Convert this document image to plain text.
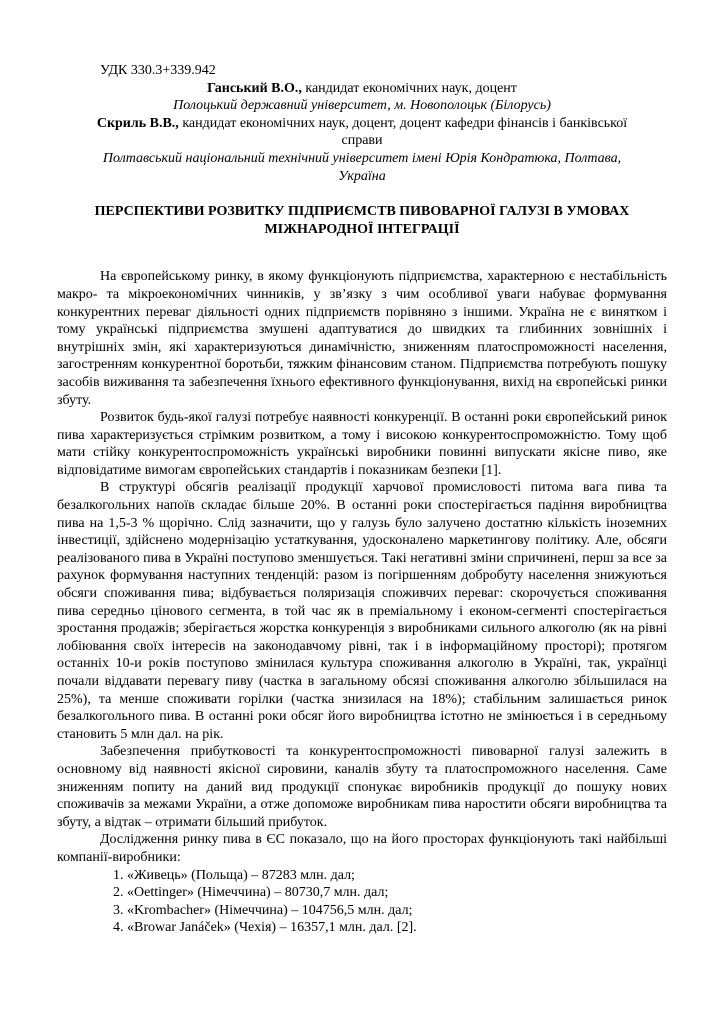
УДК 330.3+339.942

Ганський В.О., кандидат економічних наук, доцент

Полоцький державний університет, м. Новополоцьк (Білорусь)

Скриль В.В., кандидат економічних наук, доцент, доцент кафедри фінансів і банківської справи

Полтавський національний технічний університет імені Юрія Кондратюка, Полтава, Україна

ПЕРСПЕКТИВИ РОЗВИТКУ ПІДПРИЄМСТВ ПИВОВАРНОЇ ГАЛУЗІ В УМОВАХ МІЖНАРОДНОЇ ІНТЕГРАЦІЇ

На європейському ринку, в якому функціонують підприємства, характерною є нестабільність макро- та мікроекономічних чинників, у зв’язку з чим особливої уваги набуває формування конкурентних переваг діяльності одних підприємств порівняно з іншими. Україна не є винятком і тому українські підприємства змушені адаптуватися до швидких та глибинних зовнішніх і внутрішніх змін, які характеризуються динамічністю, зниженням платоспроможності населення, загостренням конкурентної боротьби, тяжким фінансовим станом. Підприємства потребують пошуку засобів виживання та забезпечення їхнього ефективного функціонування, вихід на європейські ринки збуту.

Розвиток будь-якої галузі потребує наявності конкуренції. В останні роки європейський ринок пива характеризується стрімким розвитком, а тому і високою конкурентоспроможністю. Тому щоб мати стійку конкурентоспроможність українські виробники повинні випускати якісне пиво, яке відповідатиме вимогам європейських стандартів і показникам безпеки [1].

В структурі обсягів реалізації продукції харчової промисловості питома вага пива та безалкогольних напоїв складає більше 20%. В останні роки спостерігається падіння виробництва пива на 1,5-3 % щорічно. Слід зазначити, що у галузь було залучено достатню кількість іноземних інвестиції, здійснено модернізацію устаткування, удосконалено маркетингову політику. Але, обсяги реалізованого пива в Україні поступово зменшується. Такі негативні зміни спричинені, перш за все за рахунок формування наступних тенденцій: разом із погіршенням добробуту населення знижуються обсяги споживання пива; відбувається поляризація споживчих переваг: скорочується споживання пива середньо цінового сегмента, в той час як в преміальному і економ-сегменті спостерігається зростання продажів; зберігається жорстка конкуренція з виробниками сильного алкоголю (як на рівні лобіювання своїх інтересів на законодавчому рівні, так і в інформаційному просторі); протягом останніх 10-и років поступово змінилася культура споживання алкоголю в Україні, так, українці почали віддавати перевагу пиву (частка в загальному обсязі споживання алкоголю збільшилася на 25%), та менше споживати горілки (частка знизилася на 18%); стабільним залишається ринок безалкогольного пива. В останні роки обсяг його виробництва істотно не змінюється і в середньому становить 5 млн дал. на рік.

Забезпечення прибутковості та конкурентоспроможності пивоварної галузі залежить в основному від наявності якісної сировини, каналів збуту та платоспроможного населення. Саме зниженням попиту на даний вид продукції спонукає виробників продукції до пошуку нових споживачів за межами України, а отже допоможе виробникам пива наростити обсяги виробництва та збуту, а відтак – отримати більший прибуток.

Дослідження ринку пива в ЄС показало, що на його просторах функціонують такі найбільші компанії-виробники:

1. «Живець» (Польща) – 87283 млн. дал;

2. «Oettinger» (Німеччина) – 80730,7 млн. дал;

3. «Krombacher» (Німеччина) – 104756,5 млн. дал;

4. «Browar Janáček» (Чехія) – 16357,1 млн. дал. [2].
